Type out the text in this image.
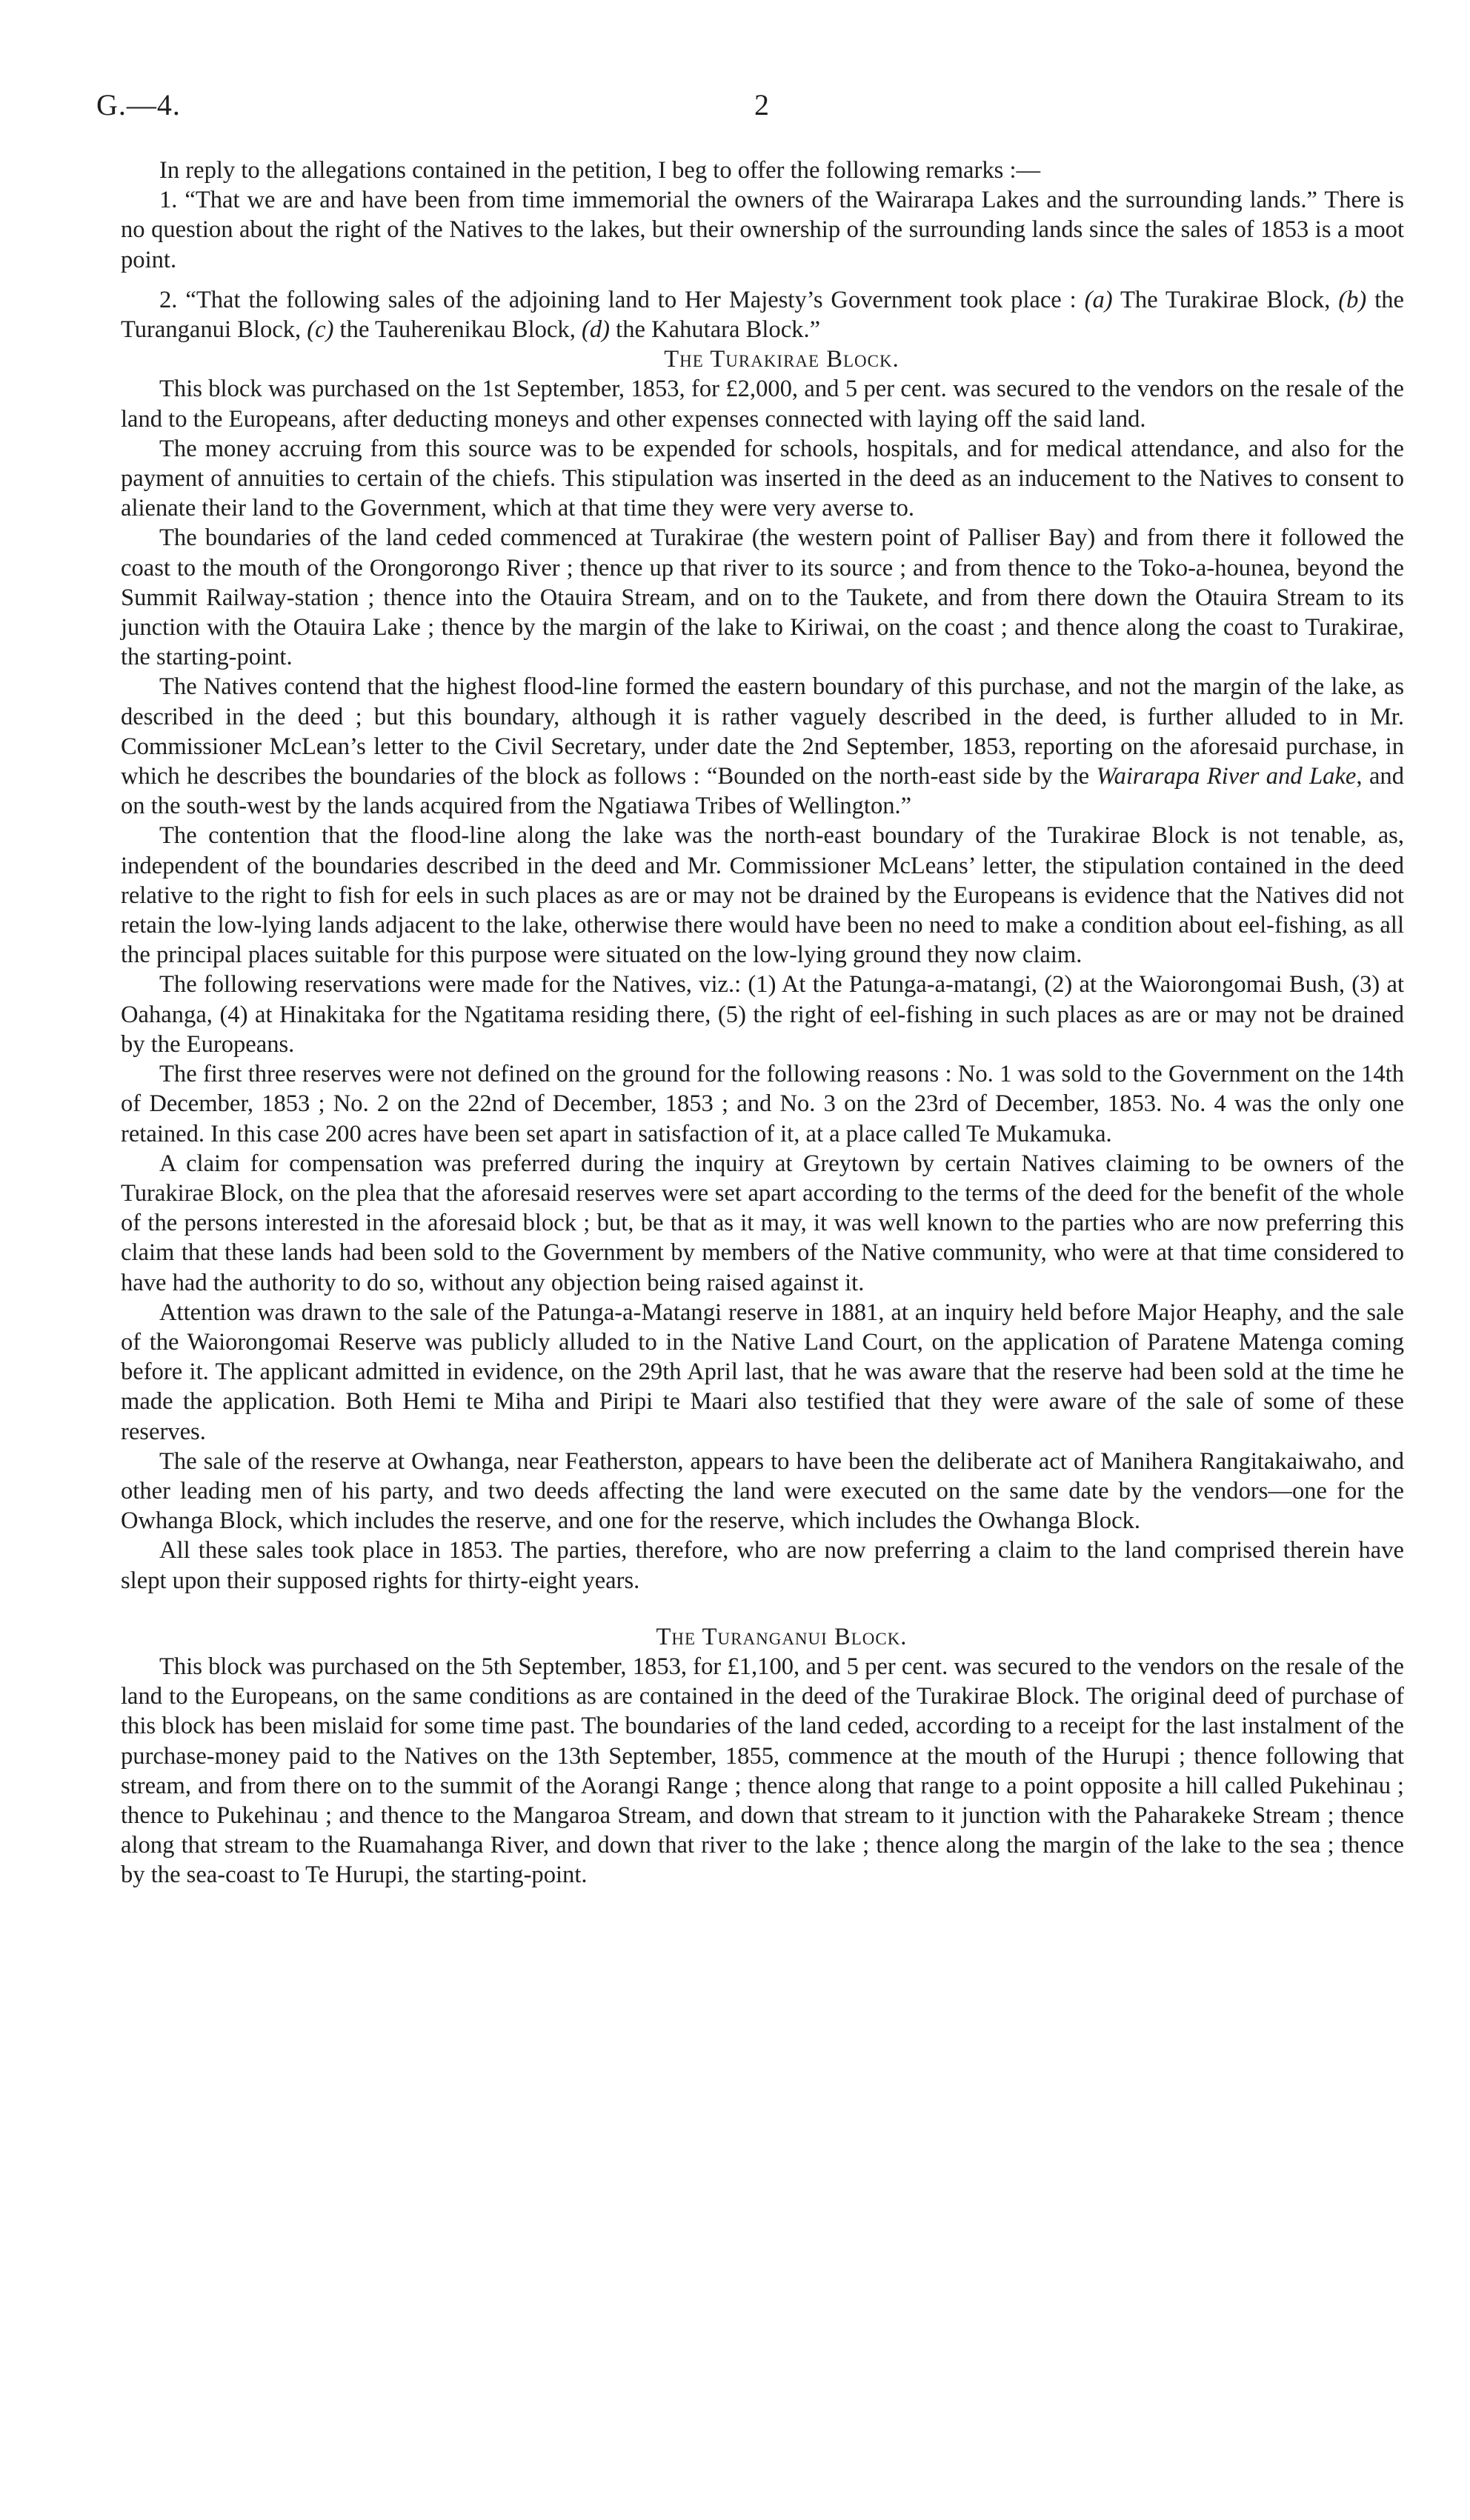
G.—4.	2

In reply to the allegations contained in the petition, I beg to offer the following remarks :—

1. “That we are and have been from time immemorial the owners of the Wairarapa Lakes and the surrounding lands.” There is no question about the right of the Natives to the lakes, but their ownership of the surrounding lands since the sales of 1853 is a moot point.

2. “That the following sales of the adjoining land to Her Majesty’s Government took place : (a) The Turakirae Block, (b) the Turanganui Block, (c) the Tauherenikau Block, (d) the Kahutara Block.”

The Turakirae Block.

This block was purchased on the 1st September, 1853, for £2,000, and 5 per cent. was secured to the vendors on the resale of the land to the Europeans, after deducting moneys and other expenses connected with laying off the said land.

The money accruing from this source was to be expended for schools, hospitals, and for medical attendance, and also for the payment of annuities to certain of the chiefs. This stipulation was inserted in the deed as an inducement to the Natives to consent to alienate their land to the Government, which at that time they were very averse to.

The boundaries of the land ceded commenced at Turakirae (the western point of Palliser Bay) and from there it followed the coast to the mouth of the Orongorongo River ; thence up that river to its source ; and from thence to the Toko-a-hounea, beyond the Summit Railway-station ; thence into the Otauira Stream, and on to the Taukete, and from there down the Otauira Stream to its junction with the Otauira Lake ; thence by the margin of the lake to Kiriwai, on the coast ; and thence along the coast to Turakirae, the starting-point.

The Natives contend that the highest flood-line formed the eastern boundary of this purchase, and not the margin of the lake, as described in the deed ; but this boundary, although it is rather vaguely described in the deed, is further alluded to in Mr. Commissioner McLean’s letter to the Civil Secretary, under date the 2nd September, 1853, reporting on the aforesaid purchase, in which he describes the boundaries of the block as follows : “Bounded on the north-east side by the Wairarapa River and Lake, and on the south-west by the lands acquired from the Ngatiawa Tribes of Wellington.”

The contention that the flood-line along the lake was the north-east boundary of the Turakirae Block is not tenable, as, independent of the boundaries described in the deed and Mr. Commissioner McLeans’ letter, the stipulation contained in the deed relative to the right to fish for eels in such places as are or may not be drained by the Europeans is evidence that the Natives did not retain the low-lying lands adjacent to the lake, otherwise there would have been no need to make a condition about eel-fishing, as all the principal places suitable for this purpose were situated on the low-lying ground they now claim.

The following reservations were made for the Natives, viz.: (1) At the Patunga-a-matangi, (2) at the Waiorongomai Bush, (3) at Oahanga, (4) at Hinakitaka for the Ngatitama residing there, (5) the right of eel-fishing in such places as are or may not be drained by the Europeans.

The first three reserves were not defined on the ground for the following reasons : No. 1 was sold to the Government on the 14th of December, 1853 ; No. 2 on the 22nd of December, 1853 ; and No. 3 on the 23rd of December, 1853. No. 4 was the only one retained. In this case 200 acres have been set apart in satisfaction of it, at a place called Te Mukamuka.

A claim for compensation was preferred during the inquiry at Greytown by certain Natives claiming to be owners of the Turakirae Block, on the plea that the aforesaid reserves were set apart according to the terms of the deed for the benefit of the whole of the persons interested in the aforesaid block ; but, be that as it may, it was well known to the parties who are now preferring this claim that these lands had been sold to the Government by members of the Native community, who were at that time considered to have had the authority to do so, without any objection being raised against it.

Attention was drawn to the sale of the Patunga-a-Matangi reserve in 1881, at an inquiry held before Major Heaphy, and the sale of the Waiorongomai Reserve was publicly alluded to in the Native Land Court, on the application of Paratene Matenga coming before it. The applicant admitted in evidence, on the 29th April last, that he was aware that the reserve had been sold at the time he made the application. Both Hemi te Miha and Piripi te Maari also testified that they were aware of the sale of some of these reserves.

The sale of the reserve at Owhanga, near Featherston, appears to have been the deliberate act of Manihera Rangitakaiwaho, and other leading men of his party, and two deeds affecting the land were executed on the same date by the vendors—one for the Owhanga Block, which includes the reserve, and one for the reserve, which includes the Owhanga Block.

All these sales took place in 1853. The parties, therefore, who are now preferring a claim to the land comprised therein have slept upon their supposed rights for thirty-eight years.

The Turanganui Block.

This block was purchased on the 5th September, 1853, for £1,100, and 5 per cent. was secured to the vendors on the resale of the land to the Europeans, on the same conditions as are contained in the deed of the Turakirae Block. The original deed of purchase of this block has been mislaid for some time past. The boundaries of the land ceded, according to a receipt for the last instalment of the purchase-money paid to the Natives on the 13th September, 1855, commence at the mouth of the Hurupi ; thence following that stream, and from there on to the summit of the Aorangi Range ; thence along that range to a point opposite a hill called Pukehinau ; thence to Pukehinau ; and thence to the Mangaroa Stream, and down that stream to it junction with the Paharakeke Stream ; thence along that stream to the Ruamahanga River, and down that river to the lake ; thence along the margin of the lake to the sea ; thence by the sea-coast to Te Hurupi, the starting-point.
